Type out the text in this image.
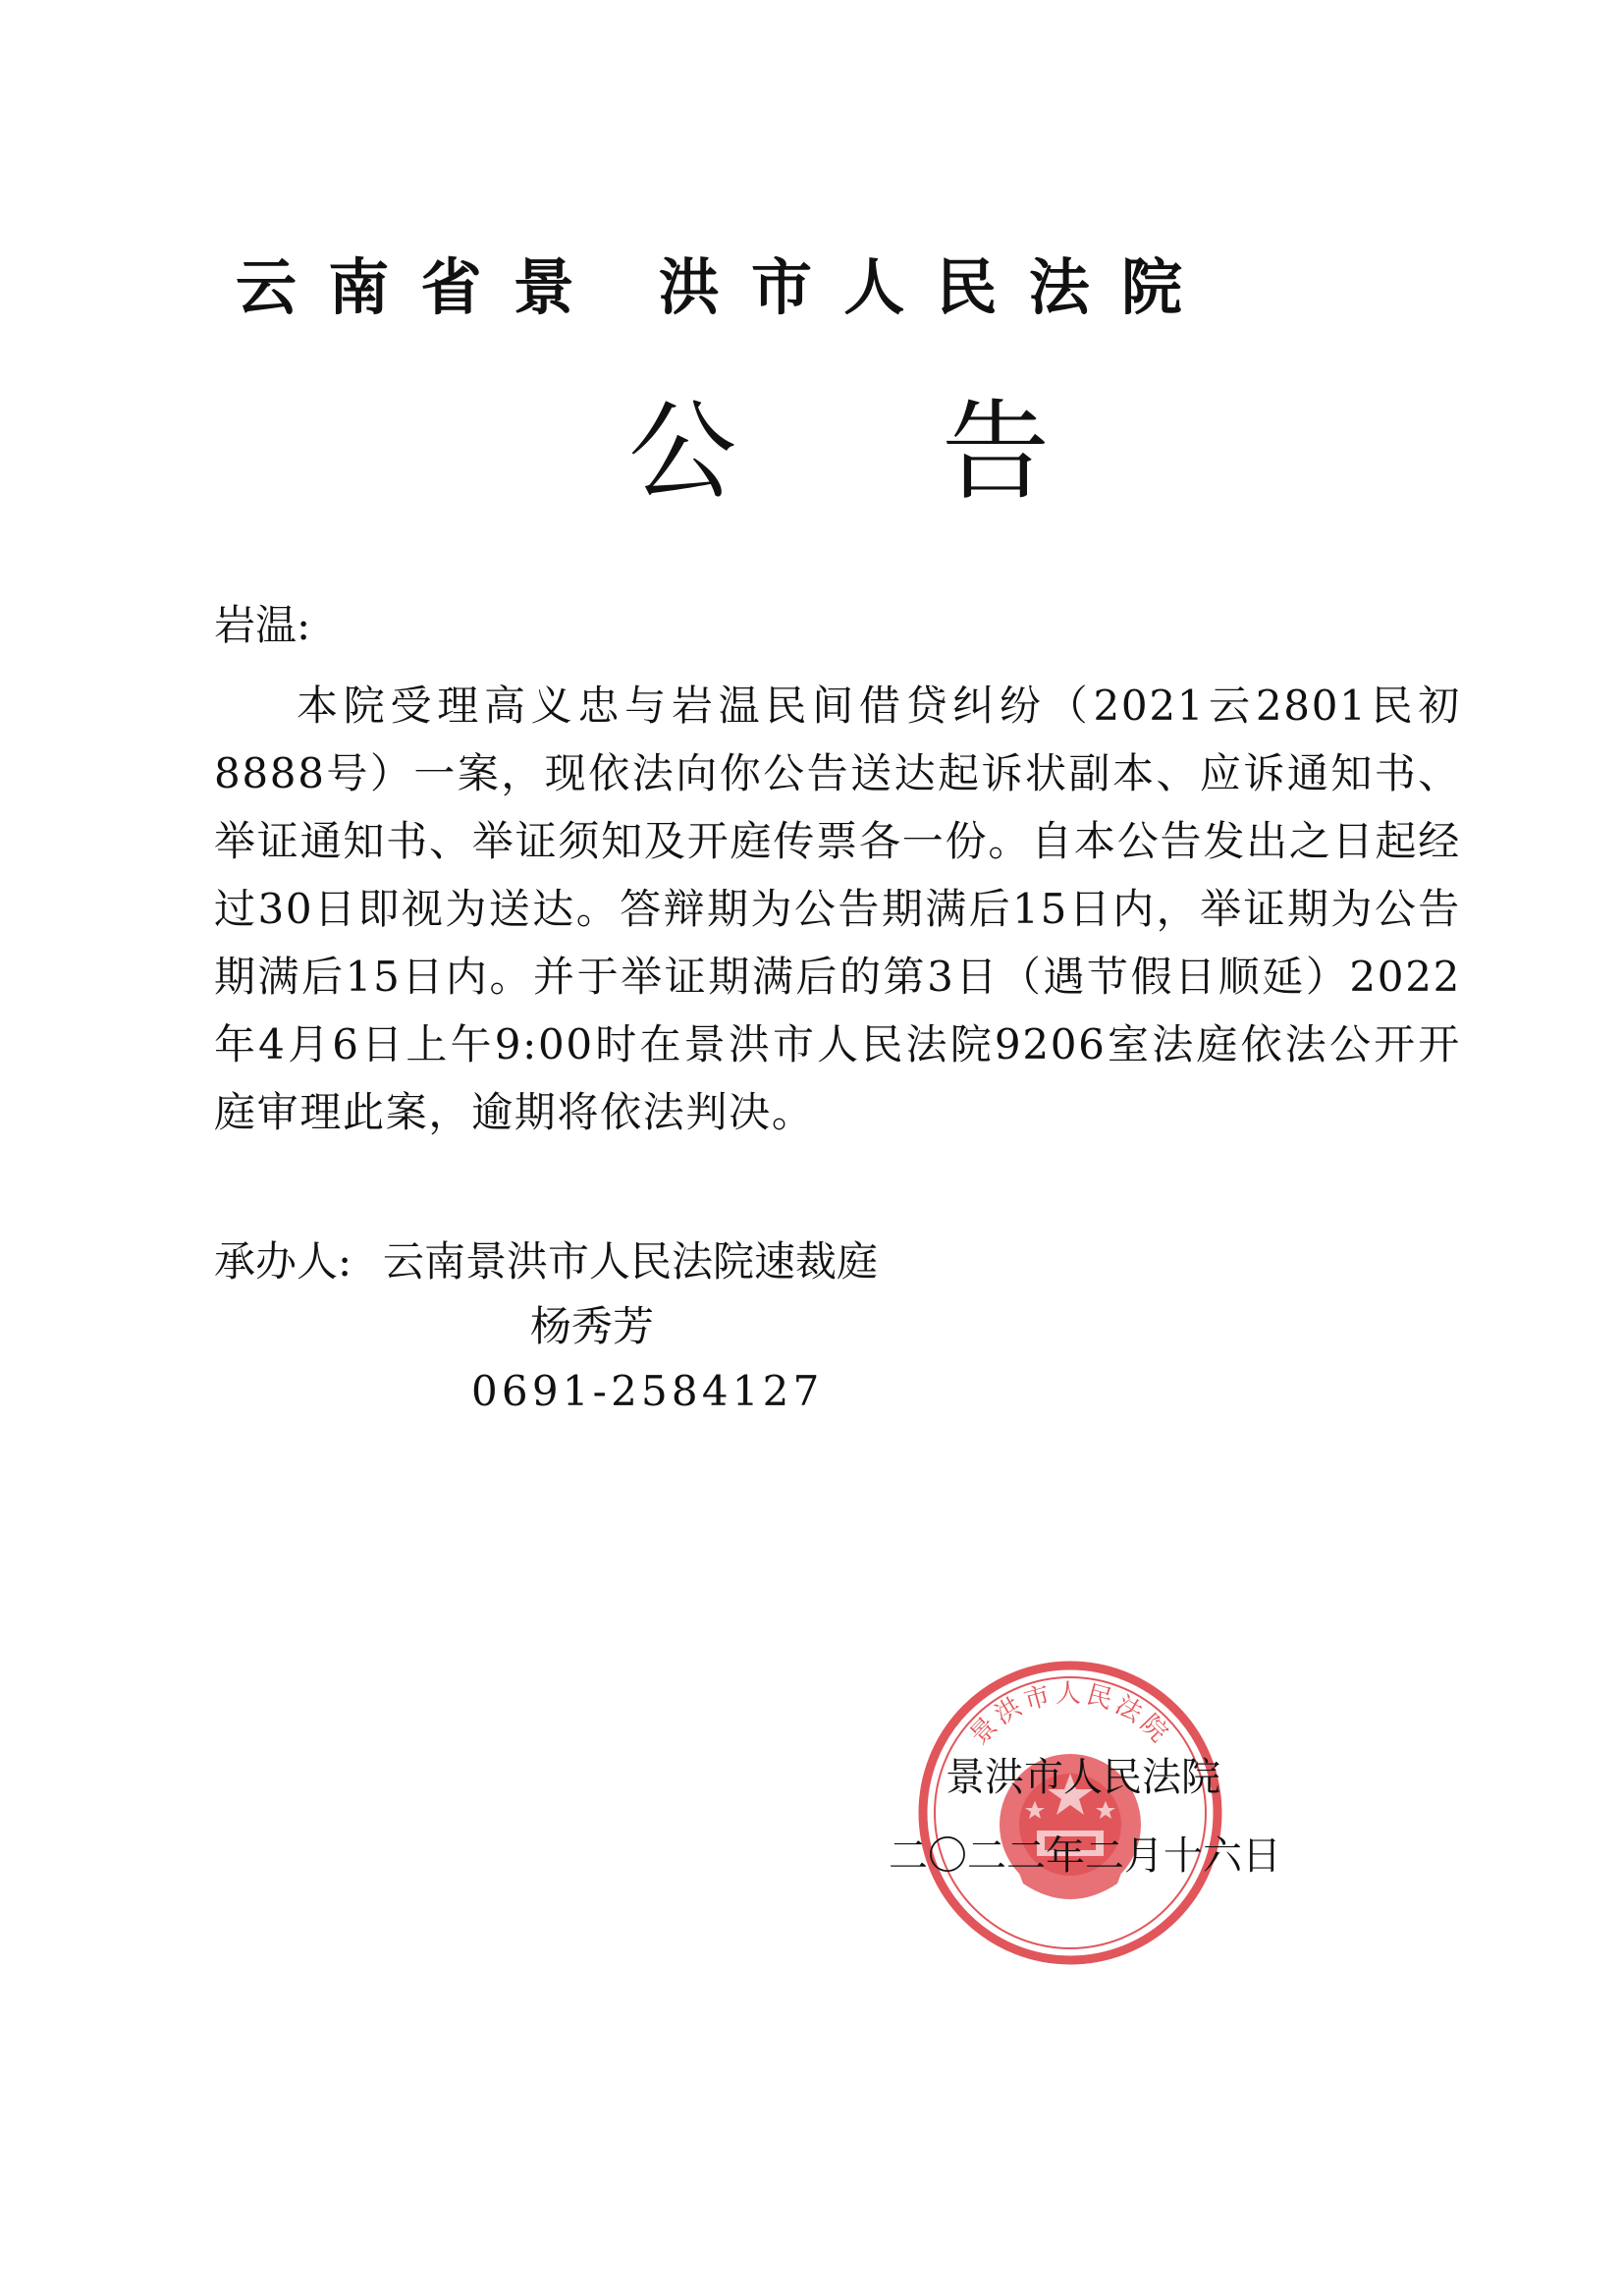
云南省景 洪市人民法院
公告

岩温:

本院受理高义忠与岩温民间借贷纠纷（2021云2801民初8888号）一案，现依法向你公告送达起诉状副本、应诉通知书、举证通知书、举证须知及开庭传票各一份。自本公告发出之日起经过30日即视为送达。答辩期为公告期满后15日内，举证期为公告期满后15日内。并于举证期满后的第3日（遇节假日顺延）2022年4月6日上午9:00时在景洪市人民法院9206室法庭依法公开开庭审理此案，逾期将依法判决。

承办人: 云南景洪市人民法院速裁庭
杨秀芳
0691-2584127
景洪市人民法院
景洪市人民法院
二〇二二年二月十六日
